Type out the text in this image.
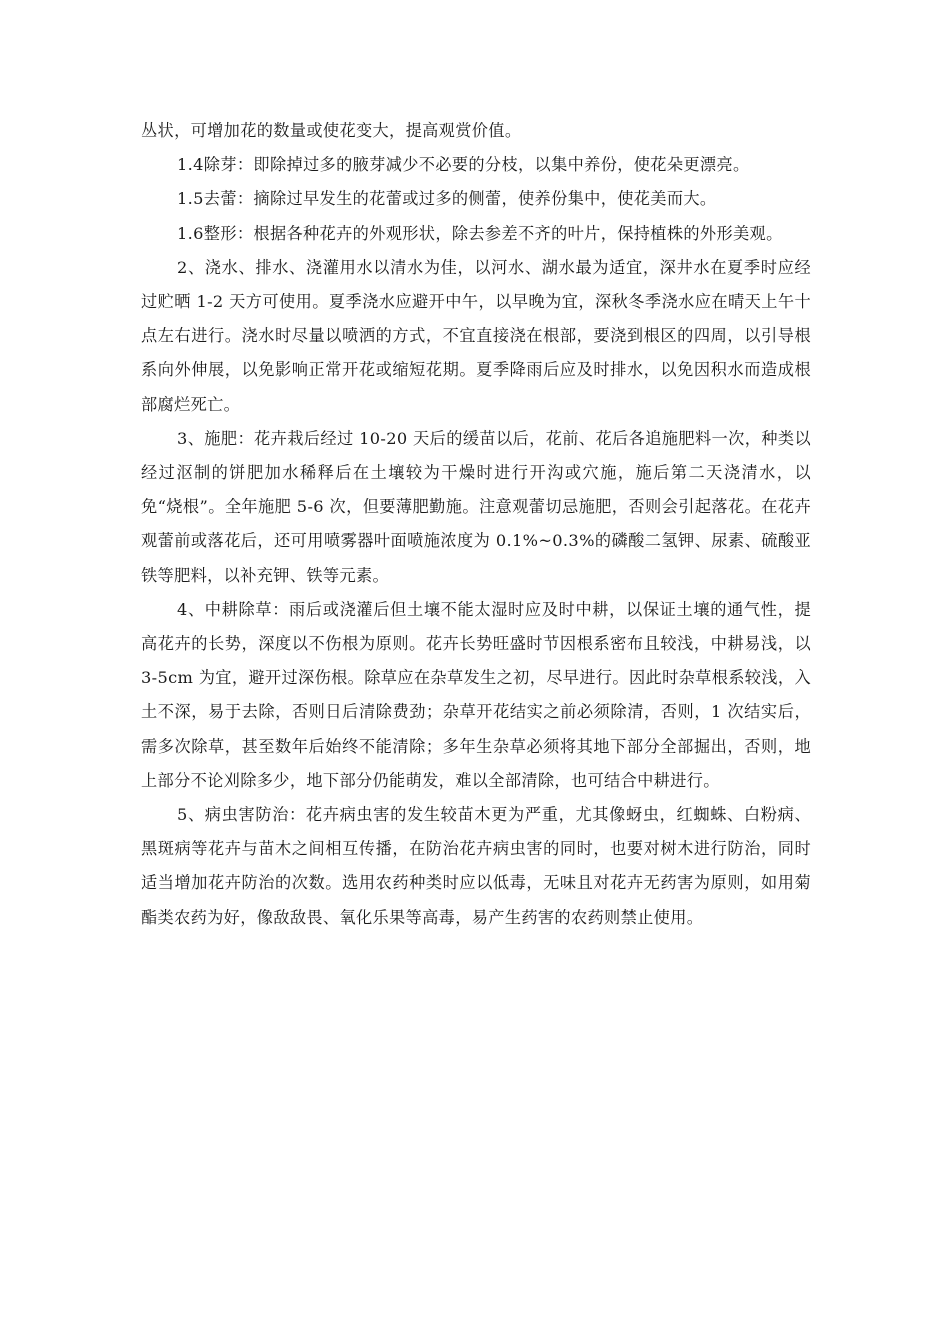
丛状，可增加花的数量或使花变大，提高观赏价值。

1.4除芽：即除掉过多的腋芽减少不必要的分枝，以集中养份，使花朵更漂亮。

1.5去蕾：摘除过早发生的花蕾或过多的侧蕾，使养份集中，使花美而大。

1.6整形：根据各种花卉的外观形状，除去参差不齐的叶片，保持植株的外形美观。

2、浇水、排水、浇灌用水以清水为佳，以河水、湖水最为适宜，深井水在夏季时应经过贮晒 1-2 天方可使用。夏季浇水应避开中午，以早晚为宜，深秋冬季浇水应在晴天上午十点左右进行。浇水时尽量以喷洒的方式，不宜直接浇在根部，要浇到根区的四周，以引导根系向外伸展，以免影响正常开花或缩短花期。夏季降雨后应及时排水，以免因积水而造成根部腐烂死亡。

3、施肥：花卉栽后经过 10-20 天后的缓苗以后，花前、花后各追施肥料一次，种类以经过沤制的饼肥加水稀释后在土壤较为干燥时进行开沟或穴施，施后第二天浇清水，以免“烧根”。全年施肥 5-6 次，但要薄肥勤施。注意观蕾切忌施肥，否则会引起落花。在花卉观蕾前或落花后，还可用喷雾器叶面喷施浓度为 0.1%~0.3%的磷酸二氢钾、尿素、硫酸亚铁等肥料，以补充钾、铁等元素。

4、中耕除草：雨后或浇灌后但土壤不能太湿时应及时中耕，以保证土壤的通气性，提高花卉的长势，深度以不伤根为原则。花卉长势旺盛时节因根系密布且较浅，中耕易浅，以 3-5cm 为宜，避开过深伤根。除草应在杂草发生之初，尽早进行。因此时杂草根系较浅，入土不深，易于去除，否则日后清除费劲；杂草开花结实之前必须除清，否则，1 次结实后，需多次除草，甚至数年后始终不能清除；多年生杂草必须将其地下部分全部掘出，否则，地上部分不论刈除多少，地下部分仍能萌发，难以全部清除，也可结合中耕进行。

5、病虫害防治：花卉病虫害的发生较苗木更为严重，尤其像蚜虫，红蜘蛛、白粉病、黑斑病等花卉与苗木之间相互传播，在防治花卉病虫害的同时，也要对树木进行防治，同时适当增加花卉防治的次数。选用农药种类时应以低毒，无味且对花卉无药害为原则，如用菊酯类农药为好，像敌敌畏、氧化乐果等高毒，易产生药害的农药则禁止使用。
